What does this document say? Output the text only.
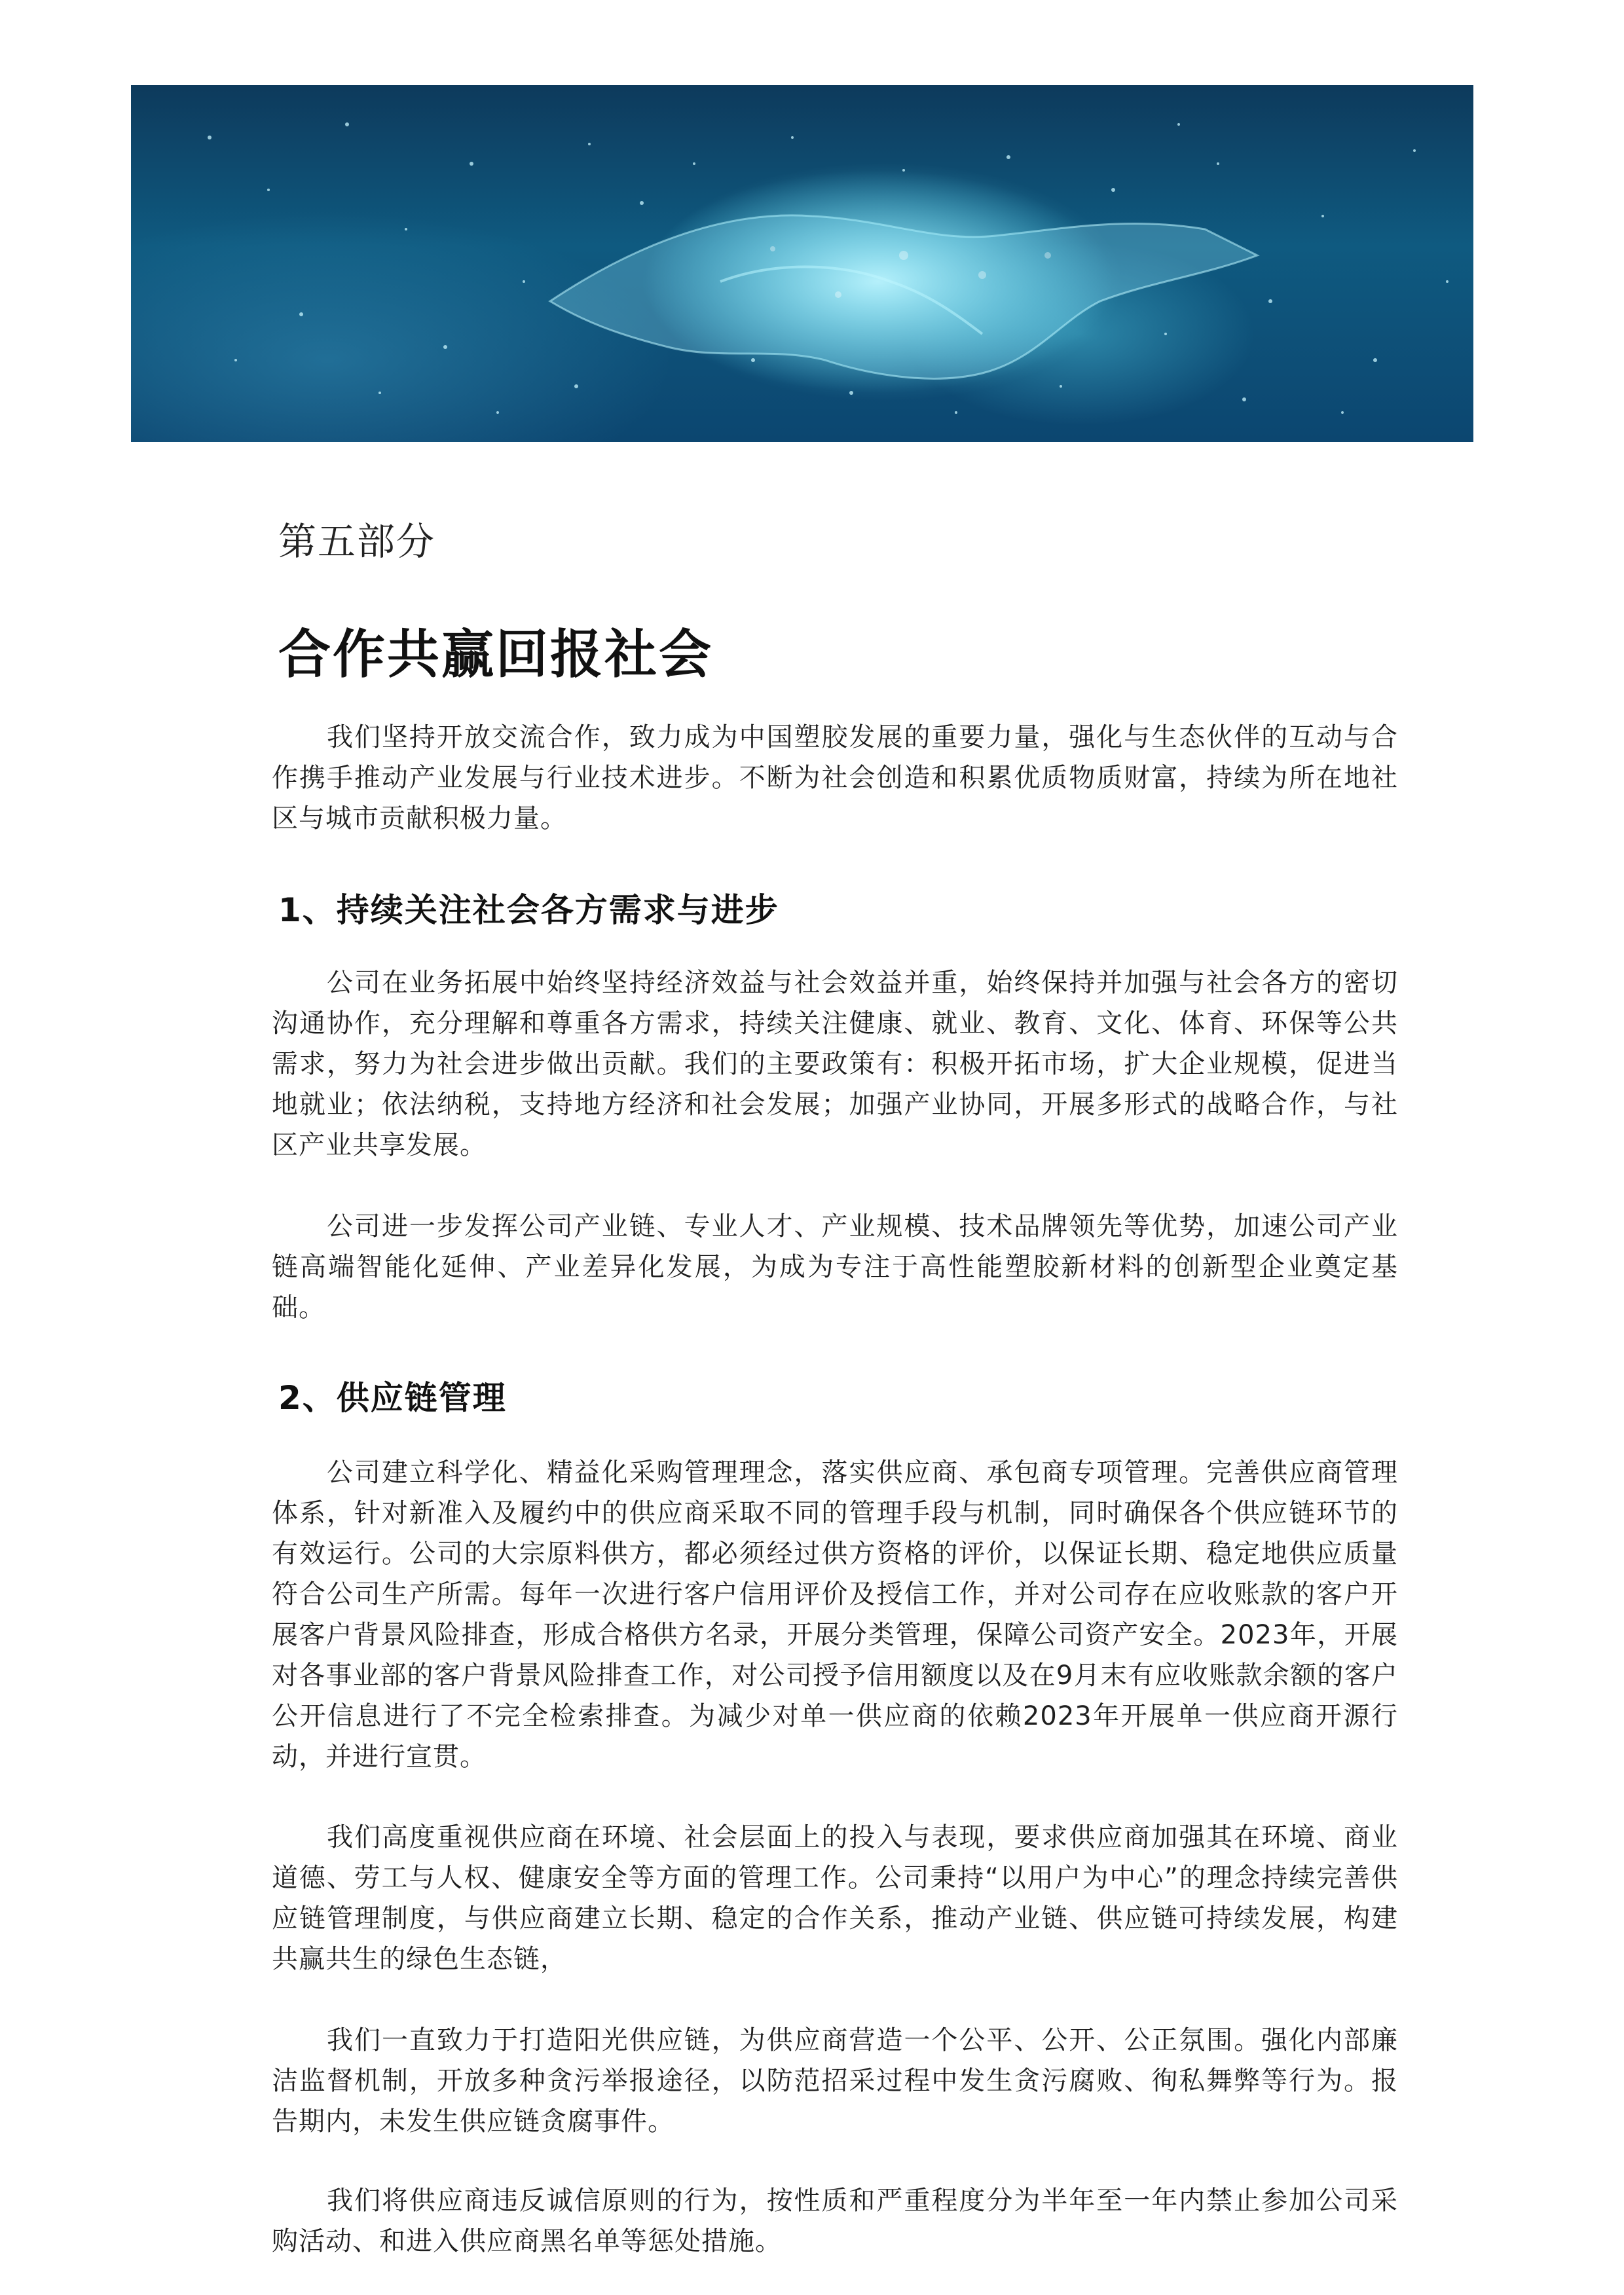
第五部分
合作共赢回报社会

我们坚持开放交流合作，致力成为中国塑胶发展的重要力量，强化与生态伙伴的互动与合作携手推动产业发展与行业技术进步。不断为社会创造和积累优质物质财富，持续为所在地社区与城市贡献积极力量。

1、持续关注社会各方需求与进步

公司在业务拓展中始终坚持经济效益与社会效益并重，始终保持并加强与社会各方的密切沟通协作，充分理解和尊重各方需求，持续关注健康、就业、教育、文化、体育、环保等公共需求，努力为社会进步做出贡献。我们的主要政策有：积极开拓市场，扩大企业规模，促进当地就业；依法纳税，支持地方经济和社会发展；加强产业协同，开展多形式的战略合作，与社区产业共享发展。

公司进一步发挥公司产业链、专业人才、产业规模、技术品牌领先等优势，加速公司产业链高端智能化延伸、产业差异化发展，为成为专注于高性能塑胶新材料的创新型企业奠定基础。

2、供应链管理

公司建立科学化、精益化采购管理理念，落实供应商、承包商专项管理。完善供应商管理体系，针对新准入及履约中的供应商采取不同的管理手段与机制，同时确保各个供应链环节的有效运行。公司的大宗原料供方，都必须经过供方资格的评价，以保证长期、稳定地供应质量符合公司生产所需。每年一次进行客户信用评价及授信工作，并对公司存在应收账款的客户开展客户背景风险排查，形成合格供方名录，开展分类管理，保障公司资产安全。2023年，开展对各事业部的客户背景风险排查工作，对公司授予信用额度以及在9月末有应收账款余额的客户公开信息进行了不完全检索排查。为减少对单一供应商的依赖2023年开展单一供应商开源行动，并进行宣贯。

我们高度重视供应商在环境、社会层面上的投入与表现，要求供应商加强其在环境、商业道德、劳工与人权、健康安全等方面的管理工作。公司秉持“以用户为中心”的理念持续完善供应链管理制度，与供应商建立长期、稳定的合作关系，推动产业链、供应链可持续发展，构建共赢共生的绿色生态链，

我们一直致力于打造阳光供应链，为供应商营造一个公平、公开、公正氛围。强化内部廉洁监督机制，开放多种贪污举报途径，以防范招采过程中发生贪污腐败、徇私舞弊等行为。报告期内，未发生供应链贪腐事件。

我们将供应商违反诚信原则的行为，按性质和严重程度分为半年至一年内禁止参加公司采购活动、和进入供应商黑名单等惩处措施。
